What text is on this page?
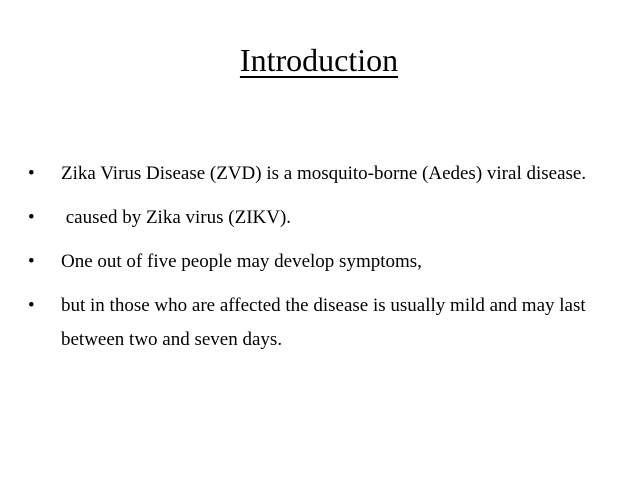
Introduction
•	Zika Virus Disease (ZVD) is a mosquito-borne (Aedes) viral disease.
•	caused by Zika virus (ZIKV).
•	One out of five people may develop symptoms,
•	but in those who are affected the disease is usually mild and may last between two and seven days.
